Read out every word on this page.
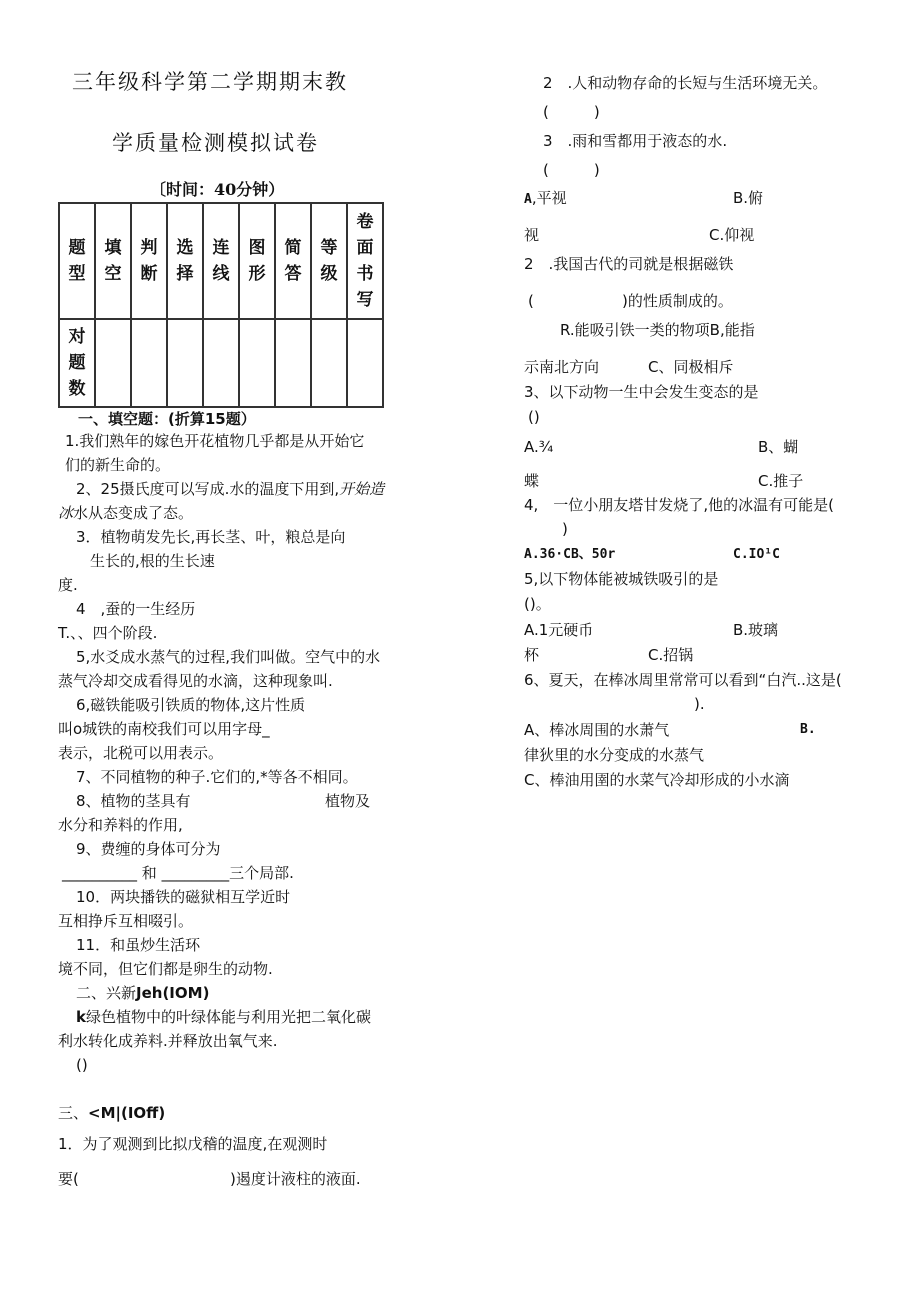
三年级科学第二学期期末教
学质量检测模拟试卷
〔时间：40分钟）
题型	填空	判断	选择	连线	图形	简答	等级	卷面书写
对题数								
一、填空题：(折算15题）
1.我们熟年的嫁色开花植物几乎都是从开始它
们的新生命的。
2、25摄氏度可以写成.水的温度下用到,开始造
冰水从态变成了态。
3．植物萌发先长,再长茎、叶，粮总是向
生长的,根的生长速
度.
4　,蚕的一生经历
T.、、四个阶段.
5,水爻成水蒸气的过程,我们叫做。空气中的水
蒸气冷却交成看得见的水滴，这种现象叫.
6,磁铁能吸引铁质的物体,这片性质
叫o城铁的南校我们可以用字母_
表示，北税可以用表示。
7、不同植物的种子.它们的,*等各不相同。
8、植物的茎具有	植物及
水分和养料的作用,
9、费缠的身体可分为
__________ 和 _________三个局部.
10．两块播铁的磁狱相互学近时
互相挣斥互相啜引。
11．和虽炒生活环
境不同，但它们都是卵生的动物.
二、兴新Jeh(IOM)
k绿色植物中的叶绿体能与利用光把二氧化碳
利水转化成养料.并释放出氧气来.
()
三、<M|(IOff)
1．为了观测到比拟戊稽的温度,在观测时
要(	)遏度计液柱的液面.
2　.人和动物存命的长短与生活环境无关。
(　　　)
3　.雨和雪都用于液态的水.
(　　　)
A,平视	B.俯
视	C.仰视
2　.我国古代的司就是根据磁铁
(	)的性质制成的。
R.能吸引铁一类的物项B,能指
示南北方向	C、同极相斥
3、以下动物一生中会发生变态的是
()
A.¾	B、蝴
蝶	C.推子
4,　一位小朋友塔甘发烧了,他的冰温有可能是(
)
A.36·CB、50r	C.IO¹C
5,以下物体能被城铁吸引的是
()。
A.1元硬币	B.玻璃
杯	C.招锅
6、夏天，在棒冰周里常常可以看到“白汽..这是(
).
A、棒冰周围的水萧气	B.
律狄里的水分变成的水蒸气
C、棒油用圉的水菜气冷却形成的小水滴
